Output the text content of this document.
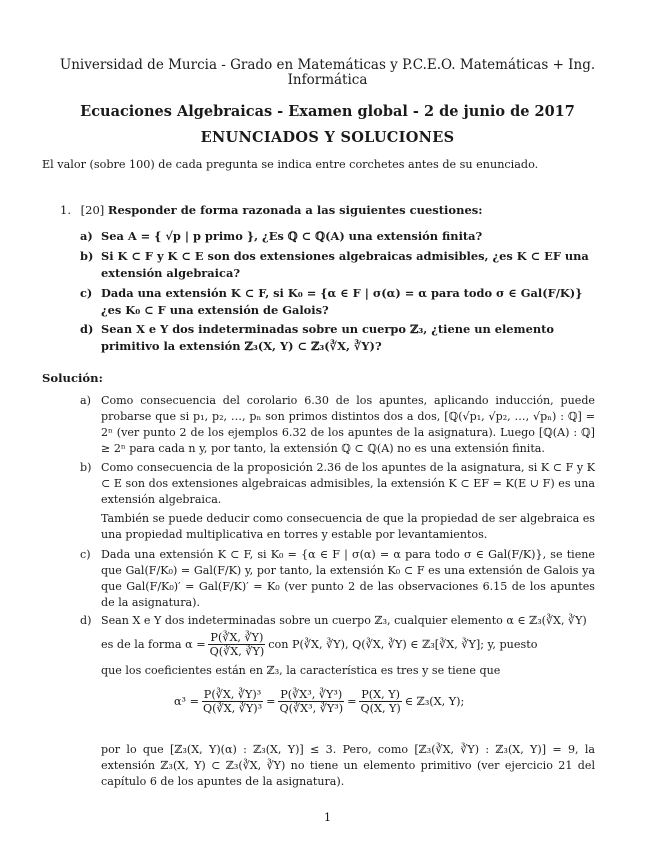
Universidad de Murcia - Grado en Matemáticas y P.C.E.O. Matemáticas + Ing. Informática
Ecuaciones Algebraicas - Examen global - 2 de junio de 2017
ENUNCIADOS Y SOLUCIONES
El valor (sobre 100) de cada pregunta se indica entre corchetes antes de su enunciado.
1. [20] Responder de forma razonada a las siguientes cuestiones:
a) Sea A = { √p | p primo }, ¿Es ℚ ⊂ ℚ(A) una extensión finita?
b) Si K ⊂ F y K ⊂ E son dos extensiones algebraicas admisibles, ¿es K ⊂ EF una extensión algebraica?
c) Dada una extensión K ⊂ F, si K₀ = {α ∈ F | σ(α) = α para todo σ ∈ Gal(F/K)} ¿es K₀ ⊂ F una extensión de Galois?
d) Sean X e Y dos indeterminadas sobre un cuerpo ℤ₃, ¿tiene un elemento primitivo la extensión ℤ₃(X, Y) ⊂ ℤ₃(∛X, ∛Y)?
Solución:
a) Como consecuencia del corolario 6.30 de los apuntes, aplicando inducción, puede probarse que si p₁, p₂, …, pₙ son primos distintos dos a dos, [ℚ(√p₁, √p₂, …, √pₙ) : ℚ] = 2ⁿ (ver punto 2 de los ejemplos 6.32 de los apuntes de la asignatura). Luego [ℚ(A) : ℚ] ≥ 2ⁿ para cada n y, por tanto, la extensión ℚ ⊂ ℚ(A) no es una extensión finita.
b) Como consecuencia de la proposición 2.36 de los apuntes de la asignatura, si K ⊂ F y K ⊂ E son dos extensiones algebraicas admisibles, la extensión K ⊂ EF = K(E ∪ F) es una extensión algebraica.
También se puede deducir como consecuencia de que la propiedad de ser algebraica es una propiedad multiplicativa en torres y estable por levantamientos.
c) Dada una extensión K ⊂ F, si K₀ = {α ∈ F | σ(α) = α para todo σ ∈ Gal(F/K)}, se tiene que Gal(F/K₀) = Gal(F/K) y, por tanto, la extensión K₀ ⊂ F es una extensión de Galois ya que Gal(F/K₀)′ = Gal(F/K)′ = K₀ (ver punto 2 de las observaciones 6.15 de los apuntes de la asignatura).
d) Sean X e Y dos indeterminadas sobre un cuerpo ℤ₃, cualquier elemento α ∈ ℤ₃(∛X, ∛Y)
es de la forma $\alpha = \frac{P(∛X, ∛Y)}{Q(∛X, ∛Y)}$ con P(∛X, ∛Y), Q(∛X, ∛Y) ∈ ℤ₃[∛X, ∛Y]; y, puesto
que los coeficientes están en ℤ₃, la característica es tres y se tiene que
$\alpha^3 = \frac{\text{P(∛X, ∛Y)³}}{\text{Q(∛X, ∛Y)³}} = \frac{\text{P(∛X³, ∛Y³)}}{\text{Q(∛X³, ∛Y³)}} = \frac{P(X, Y)}{Q(X, Y)}$ ∈ ℤ₃(X, Y);
por lo que [ℤ₃(X, Y)(α) : ℤ₃(X, Y)] ≤ 3. Pero, como [ℤ₃(∛X, ∛Y) : ℤ₃(X, Y)] = 9, la extensión ℤ₃(X, Y) ⊂ ℤ₃(∛X, ∛Y) no tiene un elemento primitivo (ver ejercicio 21 del capítulo 6 de los apuntes de la asignatura).
1
